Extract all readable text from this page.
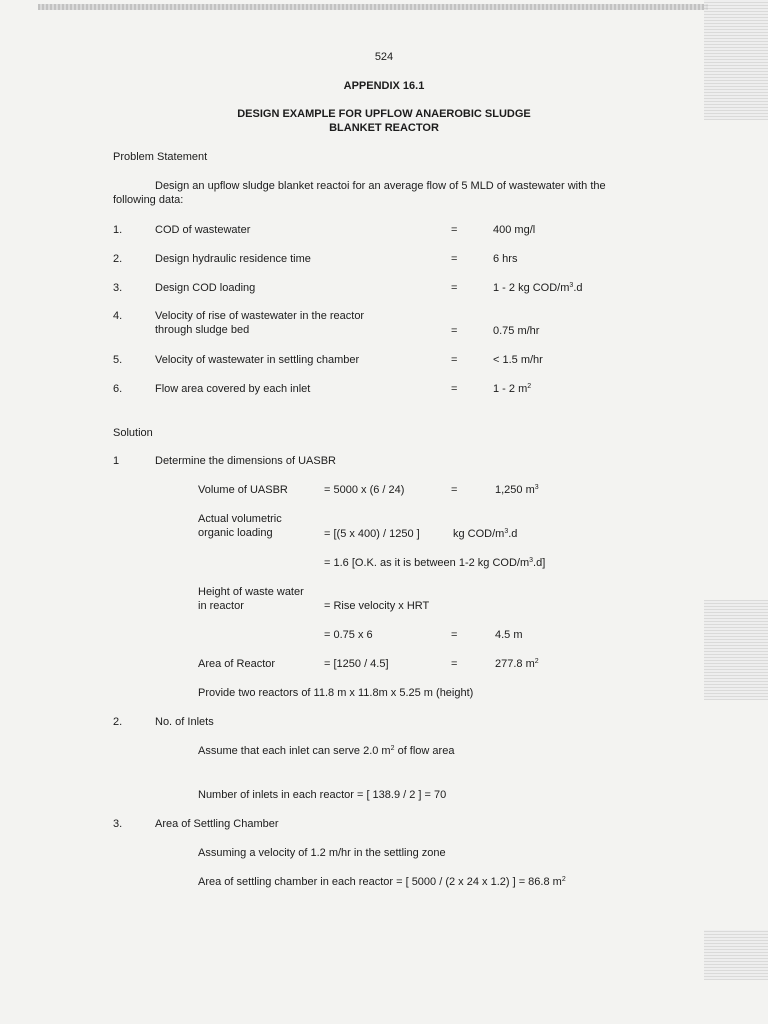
524
APPENDIX 16.1
DESIGN EXAMPLE FOR UPFLOW ANAEROBIC SLUDGE
BLANKET REACTOR
Problem Statement
Design an upflow sludge blanket reactoi for an average flow of 5 MLD of wastewater with the
following data:
1.	COD of wastewater	=	400 mg/l
2.	Design hydraulic residence time	=	6 hrs
3.	Design COD loading	=	1 - 2 kg COD/$m^3.d$
4.	Velocity of rise of wastewater in the reactor
through sludge bed	=	0.75 m/hr
5.	Velocity of wastewater in settling chamber	=	< 1.5 m/hr
6.	Flow area covered by each inlet	=	1 - 2 $m^2$
Solution
1	Determine the dimensions of UASBR
Volume of UASBR	= 5000 x (6 / 24)	=	1,250 $m^3$
Actual volumetric
organic loading	= [(5 x 400) / 1250 ]	kg COD/$m^3.d$
= 1.6 [O.K. as it is between 1-2 kg COD/$m^3.d$]
Height of waste water
in reactor	= Rise velocity x HRT
= 0.75 x 6	=	4.5 m
Area of Reactor	= [1250 / 4.5]	=	277.8 $m^2$
Provide two reactors of 11.8 m x 11.8m x 5.25 m (height)
2.	No. of Inlets
Assume that each inlet can serve 2.0 $m^2$ of flow area
Number of inlets in each reactor = [ 138.9 / 2 ] = 70
3.	Area of Settling Chamber
Assuming a velocity of 1.2 m/hr in the settling zone
Area of settling chamber in each reactor = [ 5000 / (2 x 24 x 1.2) ] = 86.8 $m^2$
